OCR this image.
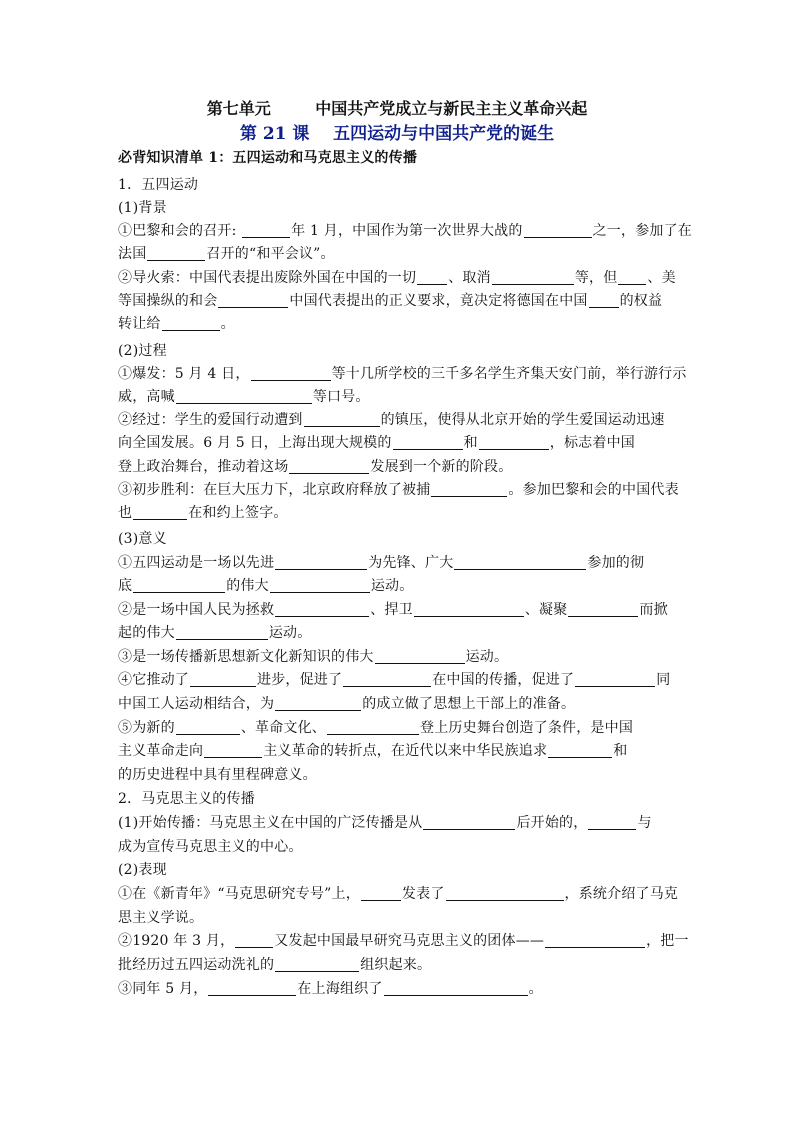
第七单元        中国共产党成立与新民主主义革命兴起
第 21 课    五四运动与中国共产党的诞生
必背知识清单 1：五四运动和马克思主义的传播
1．五四运动
(1)背景
①巴黎和会的召开:	年 1 月，中国作为第一次世界大战的	之一，参加了在
法国	召开的“和平会议”。
②导火索：中国代表提出废除外国在中国的一切 、取消	等，但 、美
等国操纵的和会	中国代表提出的正义要求，竟决定将德国在中国 的权益
转让给	。
(2)过程
①爆发：5 月 4 日，	等十几所学校的三千多名学生齐集天安门前，举行游行示
威，高喊	等口号。
②经过：学生的爱国行动遭到	的镇压，使得从北京开始的学生爱国运动迅速
向全国发展。6 月 5 日，上海出现大规模的	和	，标志着中国
登上政治舞台，推动着这场	发展到一个新的阶段。
③初步胜利：在巨大压力下，北京政府释放了被捕	。参加巴黎和会的中国代表
也	在和约上签字。
(3)意义
①五四运动是一场以先进	为先锋、广大	参加的彻
底	的伟大	运动。
②是一场中国人民为拯救	、捍卫	、凝聚	而掀
起的伟大	运动。
③是一场传播新思想新文化新知识的伟大	运动。
④它推动了	进步，促进了	在中国的传播，促进了	同
中国工人运动相结合，为	的成立做了思想上干部上的准备。
⑤为新的	、革命文化、	登上历史舞台创造了条件，是中国
主义革命走向	主义革命的转折点，在近代以来中华民族追求	和
的历史进程中具有里程碑意义。
2．马克思主义的传播
(1)开始传播：马克思主义在中国的广泛传播是从	后开始的，	与
成为宣传马克思主义的中心。
(2)表现
①在《新青年》“马克思研究专号”上，	发表了	，系统介绍了马克
思主义学说。
②1920 年 3 月，	又发起中国最早研究马克思主义的团体——	，把一
批经历过五四运动洗礼的	组织起来。
③同年 5 月，	在上海组织了	。
